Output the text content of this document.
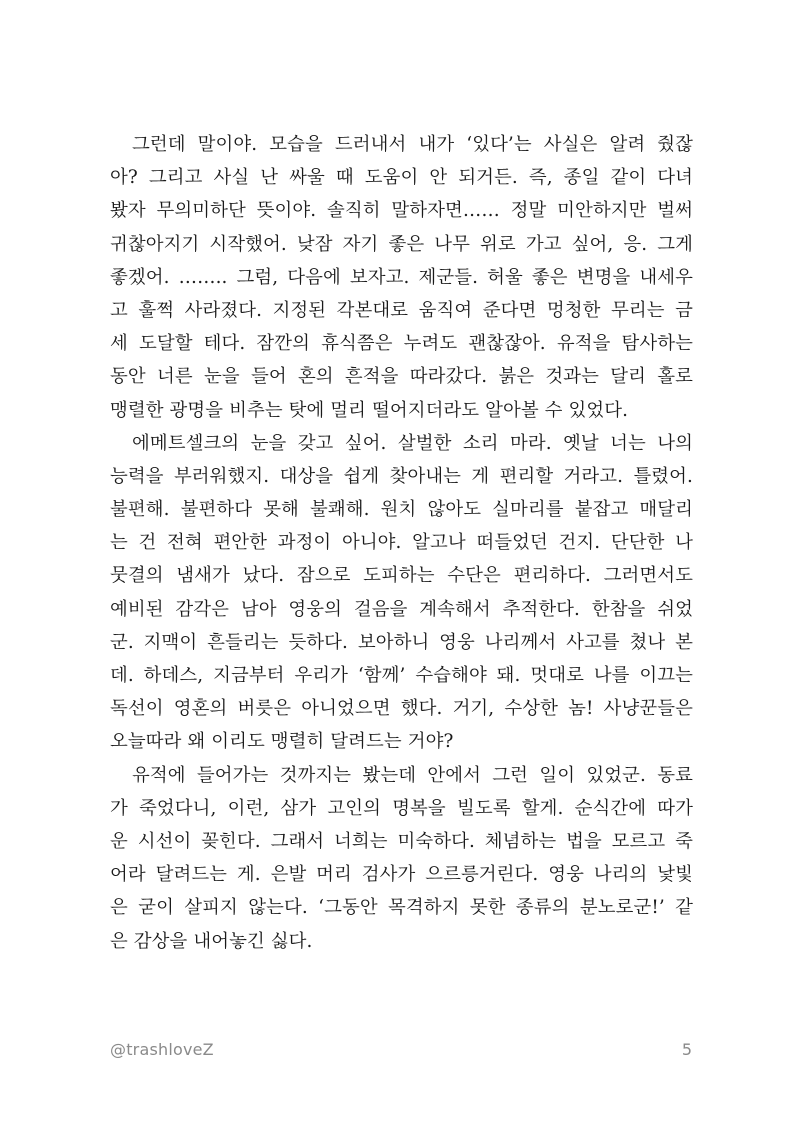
그런데 말이야. 모습을 드러내서 내가 ‘있다’는 사실은 알려 줬잖
아? 그리고 사실 난 싸울 때 도움이 안 되거든. 즉, 종일 같이 다녀
봤자 무의미하단 뜻이야. 솔직히 말하자면…… 정말 미안하지만 벌써
귀찮아지기 시작했어. 낮잠 자기 좋은 나무 위로 가고 싶어, 응. 그게
좋겠어. …….. 그럼, 다음에 보자고. 제군들. 허울 좋은 변명을 내세우
고 훌쩍 사라졌다. 지정된 각본대로 움직여 준다면 멍청한 무리는 금
세 도달할 테다. 잠깐의 휴식쯤은 누려도 괜찮잖아. 유적을 탐사하는
동안 너른 눈을 들어 혼의 흔적을 따라갔다. 붉은 것과는 달리 홀로
맹렬한 광명을 비추는 탓에 멀리 떨어지더라도 알아볼 수 있었다.
에메트셀크의 눈을 갖고 싶어. 살벌한 소리 마라. 옛날 너는 나의
능력을 부러워했지. 대상을 쉽게 찾아내는 게 편리할 거라고. 틀렸어.
불편해. 불편하다 못해 불쾌해. 원치 않아도 실마리를 붙잡고 매달리
는 건 전혀 편안한 과정이 아니야. 알고나 떠들었던 건지. 단단한 나
뭇결의 냄새가 났다. 잠으로 도피하는 수단은 편리하다. 그러면서도
예비된 감각은 남아 영웅의 걸음을 계속해서 추적한다. 한참을 쉬었
군. 지맥이 흔들리는 듯하다. 보아하니 영웅 나리께서 사고를 쳤나 본
데. 하데스, 지금부터 우리가 ‘함께’ 수습해야 돼. 멋대로 나를 이끄는
독선이 영혼의 버릇은 아니었으면 했다. 거기, 수상한 놈! 사냥꾼들은
오늘따라 왜 이리도 맹렬히 달려드는 거야?
유적에 들어가는 것까지는 봤는데 안에서 그런 일이 있었군. 동료
가 죽었다니, 이런, 삼가 고인의 명복을 빌도록 할게. 순식간에 따가
운 시선이 꽂힌다. 그래서 너희는 미숙하다. 체념하는 법을 모르고 죽
어라 달려드는 게. 은발 머리 검사가 으르릉거린다. 영웅 나리의 낯빛
은 굳이 살피지 않는다. ‘그동안 목격하지 못한 종류의 분노로군!’ 같
은 감상을 내어놓긴 싫다.
@trashloveZ	5
